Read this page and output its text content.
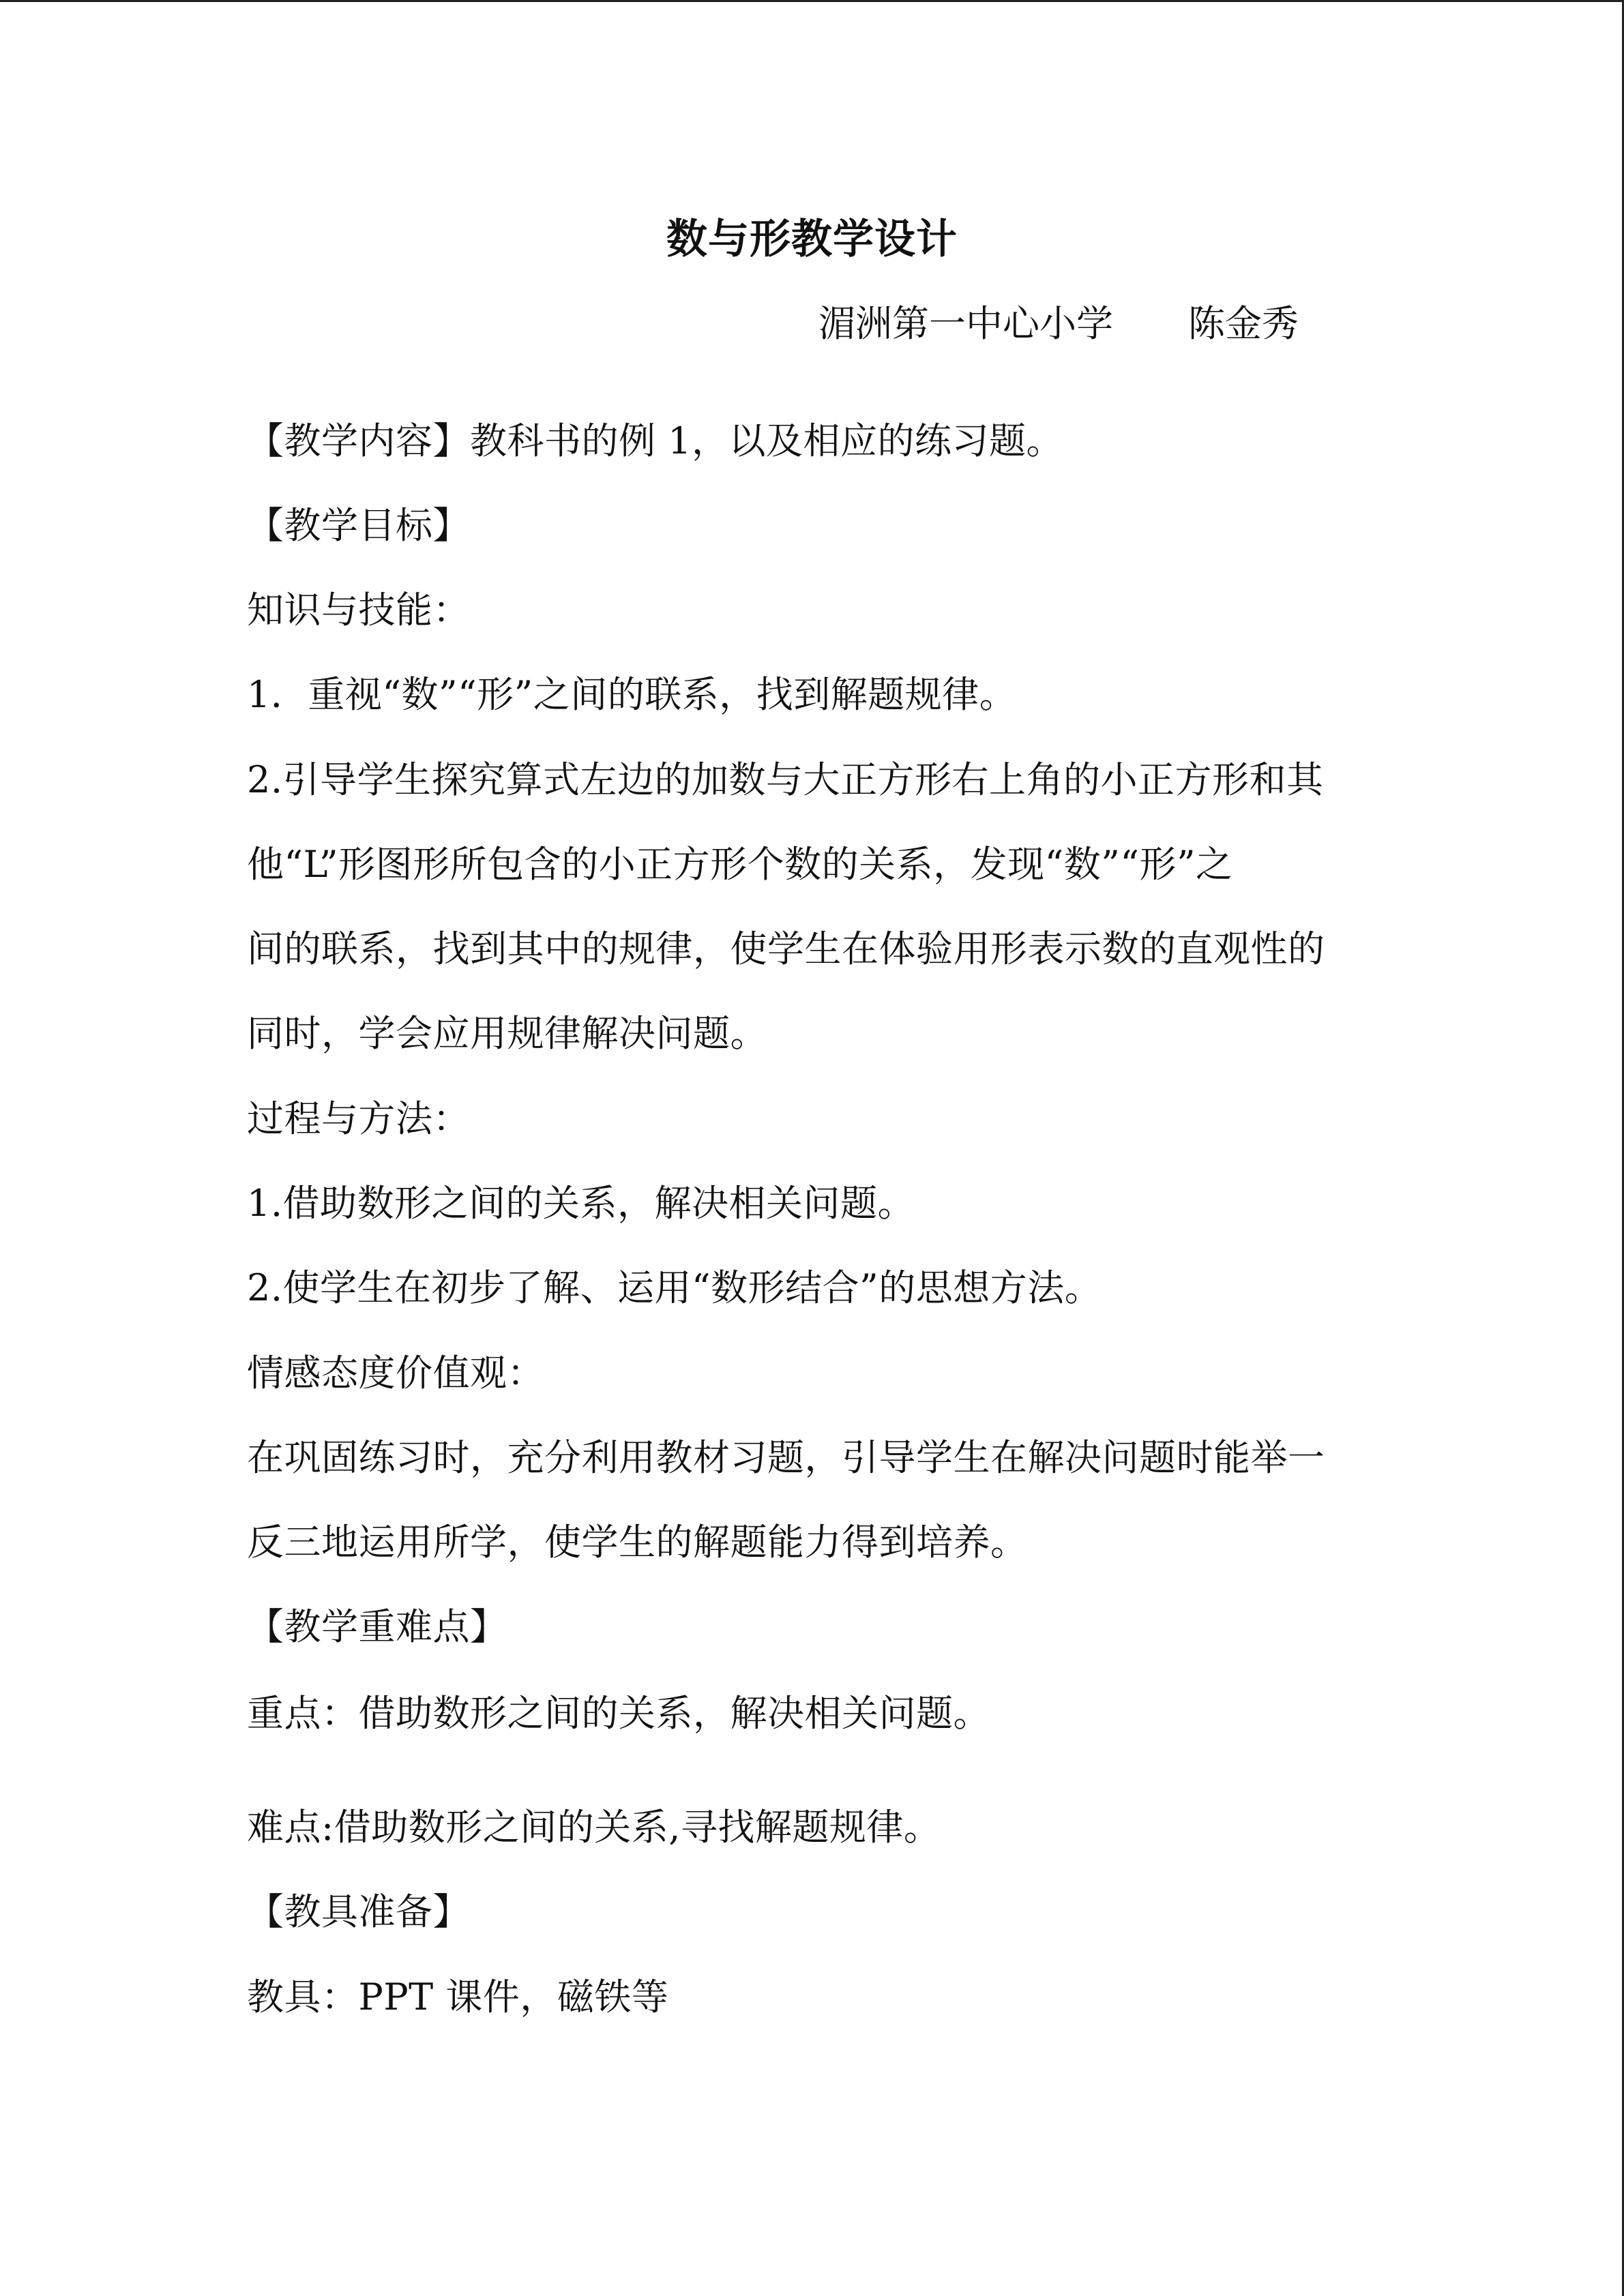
数与形教学设计
湄洲第一中心小学 陈金秀

【教学内容】教科书的例 1，以及相应的练习题。

【教学目标】

知识与技能：

1．重视“数”“形”之间的联系，找到解题规律。

2.引导学生探究算式左边的加数与大正方形右上角的小正方形和其

他“L”形图形所包含的小正方形个数的关系，发现“数”“形”之

间的联系，找到其中的规律，使学生在体验用形表示数的直观性的

同时，学会应用规律解决问题。

过程与方法：

1.借助数形之间的关系，解决相关问题。

2.使学生在初步了解、运用“数形结合”的思想方法。

情感态度价值观：

在巩固练习时，充分利用教材习题，引导学生在解决问题时能举一

反三地运用所学，使学生的解题能力得到培养。

【教学重难点】

重点：借助数形之间的关系，解决相关问题。

难点:借助数形之间的关系,寻找解题规律。

【教具准备】

教具：PPT 课件，磁铁等
